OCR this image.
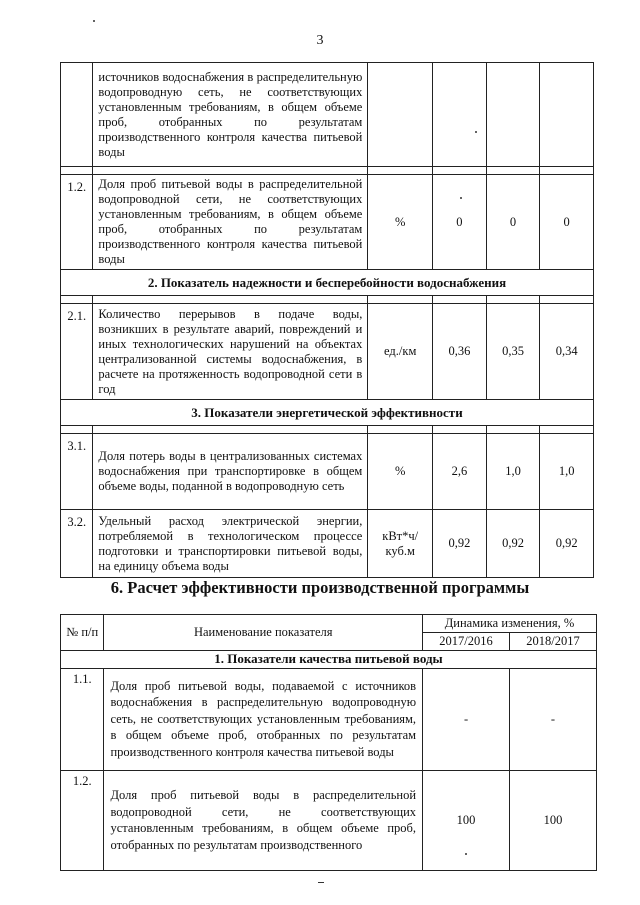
3
	источников водоснабжения в распределительную водопроводную сеть, не соответствующих установленным требованиям, в общем объеме проб, отобранных по результатам производственного контроля качества питьевой воды				

1.2.	Доля проб питьевой воды в распределительной водопроводной сети, не соответствующих установленным требованиям, в общем объеме проб, отобранных по результатам производственного контроля качества питьевой воды	%	0	0	0
2. Показатель надежности и бесперебойности водоснабжения					

2.1.	Количество перерывов в подаче воды, возникших в результате аварий, повреждений и иных технологических нарушений на объектах централизованной системы водоснабжения, в расчете на протяженность водопроводной сети в год	ед./км	0,36	0,35	0,34
3. Показатели энергетической эффективности					

3.1.	Доля потерь воды в централизованных системах водоснабжения при транспортировке в общем объеме воды, поданной в водопроводную сеть	%	2,6	1,0	1,0
3.2.	Удельный расход электрической энергии, потребляемой в технологическом процессе подготовки и транспортировки питьевой воды, на единицу объема воды	кВт*ч/ куб.м	0,92	0,92	0,92
6. Расчет эффективности производственной программы
№ п/п	Наименование показателя	Динамика изменения, %	
		2017/2016	2018/2017
1. Показатели качества питьевой воды			
1.1.	Доля проб питьевой воды, подаваемой с источников водоснабжения в распределительную водопроводную сеть, не соответствующих установленным требованиям, в общем объеме проб, отобранных по результатам производственного контроля качества питьевой воды	-	-
1.2.	Доля проб питьевой воды в распределительной водопроводной сети, не соответствующих установленным требованиям, в общем объеме проб, отобранных по результатам производственного	100	100
